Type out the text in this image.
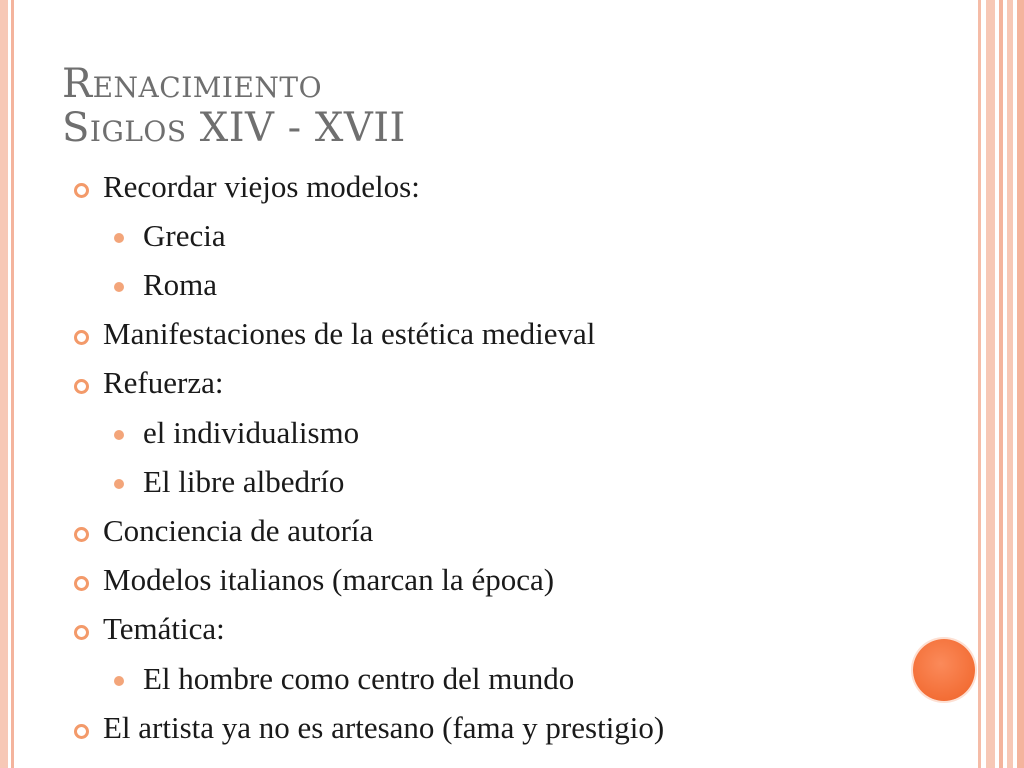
Renacimiento
Siglos XIV - XVII
Recordar viejos modelos:
Grecia
Roma
Manifestaciones de la estética medieval
Refuerza:
el individualismo
El libre albedrío
Conciencia de autoría
Modelos italianos (marcan la época)
Temática:
El hombre como centro del mundo
El artista ya no es artesano (fama y prestigio)
